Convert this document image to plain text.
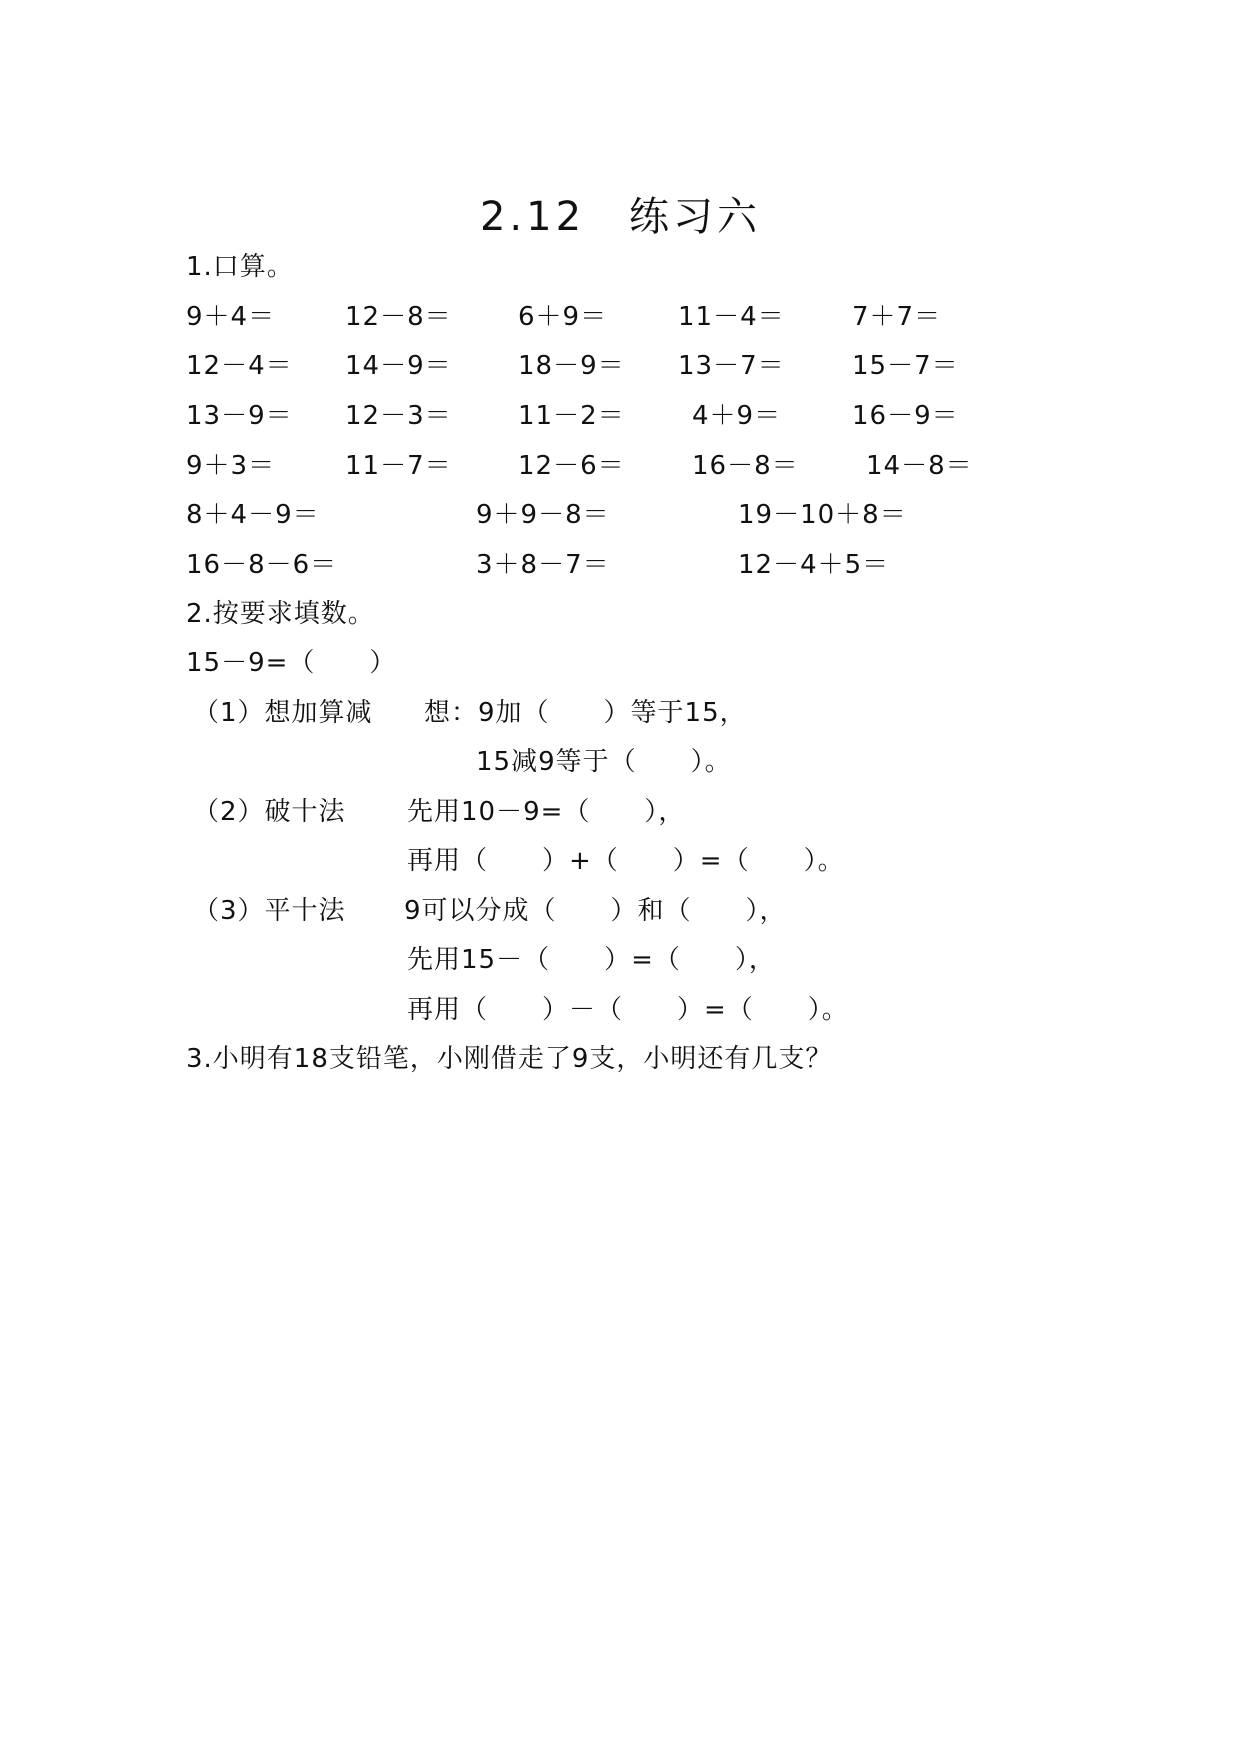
2.12　练习六
1.口算。
9＋4＝	12－8＝	6＋9＝	11－4＝	7＋7＝
12－4＝ 14－9＝	18－9＝ 13－7＝	15－7＝
13－9＝ 12－3＝	11－2＝	4＋9＝	16－9＝
9＋3＝	11－7＝	12－6＝	16－8＝	14－8＝
8＋4－9＝	9＋9－8＝	19－10＋8＝
16－8－6＝	3＋8－7＝	12－4＋5＝
2.按要求填数。
15－9=（　　）
（1）想加算减 想：9加（　　）等于15，
15减9等于（　　）。
（2）破十法 先用10－9=（　　），
再用（　　）+（　　）=（　　）。
（3）平十法 9可以分成（　　）和（　　），
先用15－（　　）=（　　），
再用（　　）－（　　）=（　　）。
3.小明有18支铅笔，小刚借走了9支，小明还有几支？
